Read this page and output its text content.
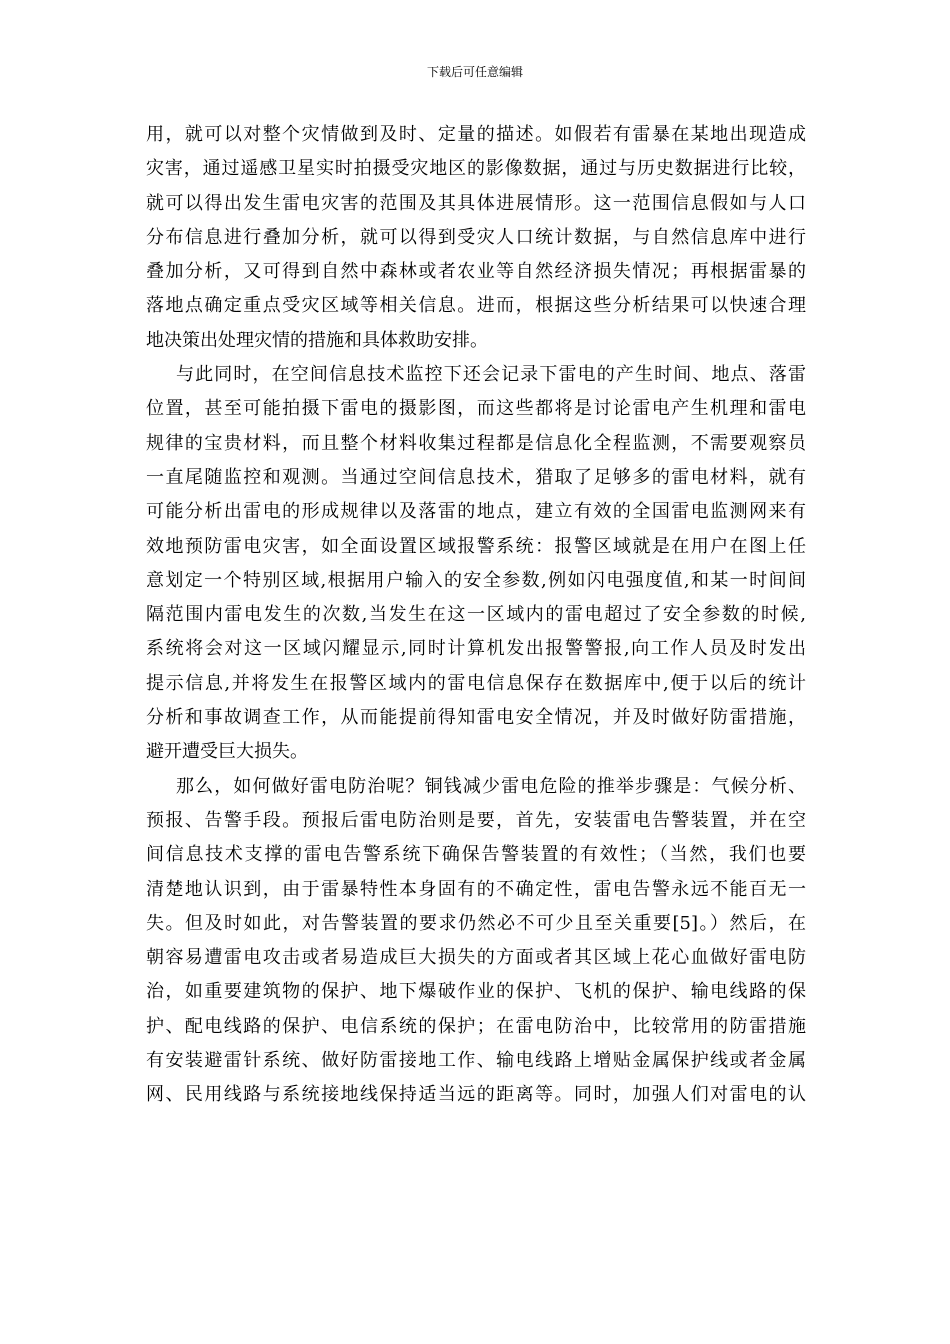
下载后可任意编辑
用，就可以对整个灾情做到及时、定量的描述。如假若有雷暴在某地出现造成
灾害，通过遥感卫星实时拍摄受灾地区的影像数据，通过与历史数据进行比较，
就可以得出发生雷电灾害的范围及其具体进展情形。这一范围信息假如与人口
分布信息进行叠加分析，就可以得到受灾人口统计数据，与自然信息库中进行
叠加分析，又可得到自然中森林或者农业等自然经济损失情况；再根据雷暴的
落地点确定重点受灾区域等相关信息。进而，根据这些分析结果可以快速合理
地决策出处理灾情的措施和具体救助安排。
与此同时，在空间信息技术监控下还会记录下雷电的产生时间、地点、落雷
位置，甚至可能拍摄下雷电的摄影图，而这些都将是讨论雷电产生机理和雷电
规律的宝贵材料，而且整个材料收集过程都是信息化全程监测，不需要观察员
一直尾随监控和观测。当通过空间信息技术，猎取了足够多的雷电材料，就有
可能分析出雷电的形成规律以及落雷的地点，建立有效的全国雷电监测网来有
效地预防雷电灾害，如全面设置区域报警系统：报警区域就是在用户在图上任
意划定一个特别区域,根据用户输入的安全参数,例如闪电强度值,和某一时间间
隔范围内雷电发生的次数,当发生在这一区域内的雷电超过了安全参数的时候,
系统将会对这一区域闪耀显示,同时计算机发出报警警报,向工作人员及时发出
提示信息,并将发生在报警区域内的雷电信息保存在数据库中,便于以后的统计
分析和事故调查工作，从而能提前得知雷电安全情况，并及时做好防雷措施，
避开遭受巨大损失。
那么，如何做好雷电防治呢？铜钱减少雷电危险的推举步骤是：气候分析、
预报、告警手段。预报后雷电防治则是要，首先，安装雷电告警装置，并在空
间信息技术支撑的雷电告警系统下确保告警装置的有效性；（当然，我们也要
清楚地认识到，由于雷暴特性本身固有的不确定性，雷电告警永远不能百无一
失。但及时如此，对告警装置的要求仍然必不可少且至关重要[5]。）然后，在
朝容易遭雷电攻击或者易造成巨大损失的方面或者其区域上花心血做好雷电防
治，如重要建筑物的保护、地下爆破作业的保护、飞机的保护、输电线路的保
护、配电线路的保护、电信系统的保护；在雷电防治中，比较常用的防雷措施
有安装避雷针系统、做好防雷接地工作、输电线路上增贴金属保护线或者金属
网、民用线路与系统接地线保持适当远的距离等。同时，加强人们对雷电的认
